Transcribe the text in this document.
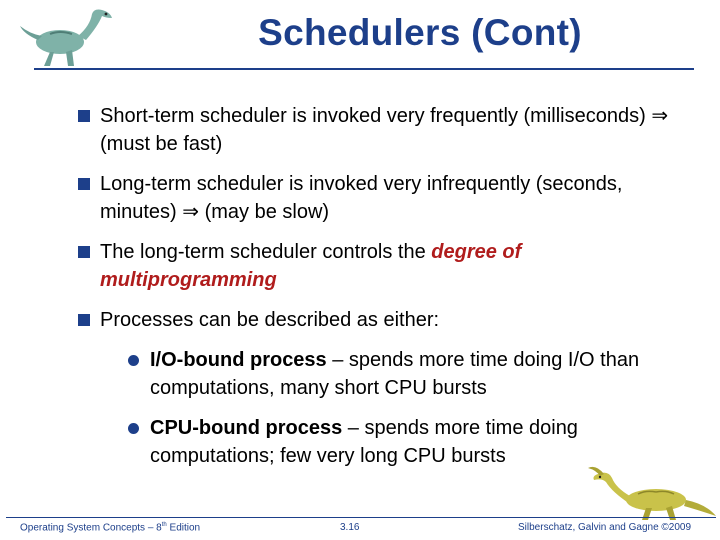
Schedulers (Cont)
Short-term scheduler is invoked very frequently (milliseconds) ⇒ (must be fast)
Long-term scheduler is invoked very infrequently (seconds, minutes) ⇒ (may be slow)
The long-term scheduler controls the degree of multiprogramming
Processes can be described as either:
I/O-bound process – spends more time doing I/O than computations, many short CPU bursts
CPU-bound process – spends more time doing computations; few very long CPU bursts
Operating System Concepts – 8th Edition	3.16	Silberschatz, Galvin and Gagne ©2009
